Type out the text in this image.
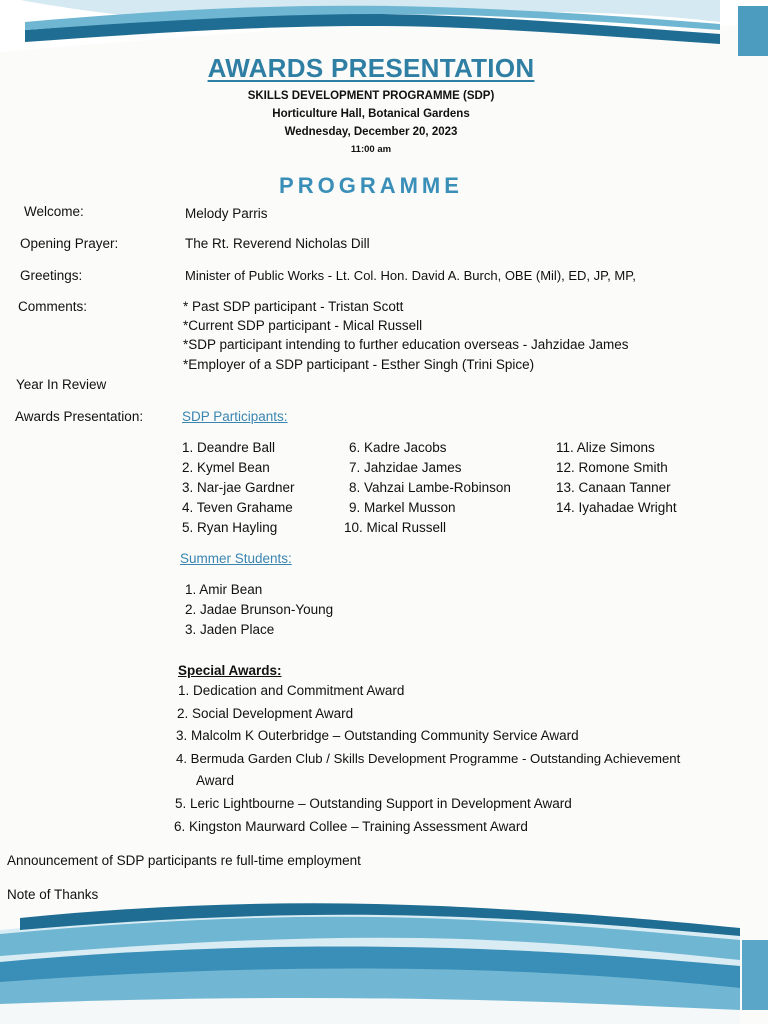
AWARDS PRESENTATION
SKILLS DEVELOPMENT PROGRAMME (SDP)
Horticulture Hall, Botanical Gardens
Wednesday, December 20, 2023
11:00 am
PROGRAMME
Welcome:	Melody Parris
Opening Prayer:	The Rt. Reverend Nicholas Dill
Greetings:	Minister of Public Works - Lt. Col. Hon. David A. Burch, OBE (Mil), ED, JP, MP,
Comments:	* Past SDP participant - Tristan Scott
*Current SDP participant - Mical Russell
*SDP participant intending to further education overseas - Jahzidae James
*Employer of a SDP participant - Esther Singh (Trini Spice)
Year In Review
Awards Presentation:	SDP Participants:
1. Deandre Ball
2. Kymel Bean
3. Nar-jae Gardner
4. Teven Grahame
5. Ryan Hayling
6. Kadre Jacobs
7. Jahzidae James
8. Vahzai Lambe-Robinson
9. Markel Musson
10. Mical Russell
11. Alize Simons
12. Romone Smith
13. Canaan Tanner
14. Iyahadae Wright
Summer Students:
1. Amir Bean
2. Jadae Brunson-Young
3. Jaden Place
Special Awards:
1. Dedication and Commitment Award
2. Social Development Award
3. Malcolm K Outerbridge – Outstanding Community Service Award
4. Bermuda Garden Club / Skills Development Programme - Outstanding Achievement
Award
5. Leric Lightbourne – Outstanding Support in Development Award
6. Kingston Maurward Collee – Training Assessment Award
Announcement of SDP participants re full-time employment
Note of Thanks
